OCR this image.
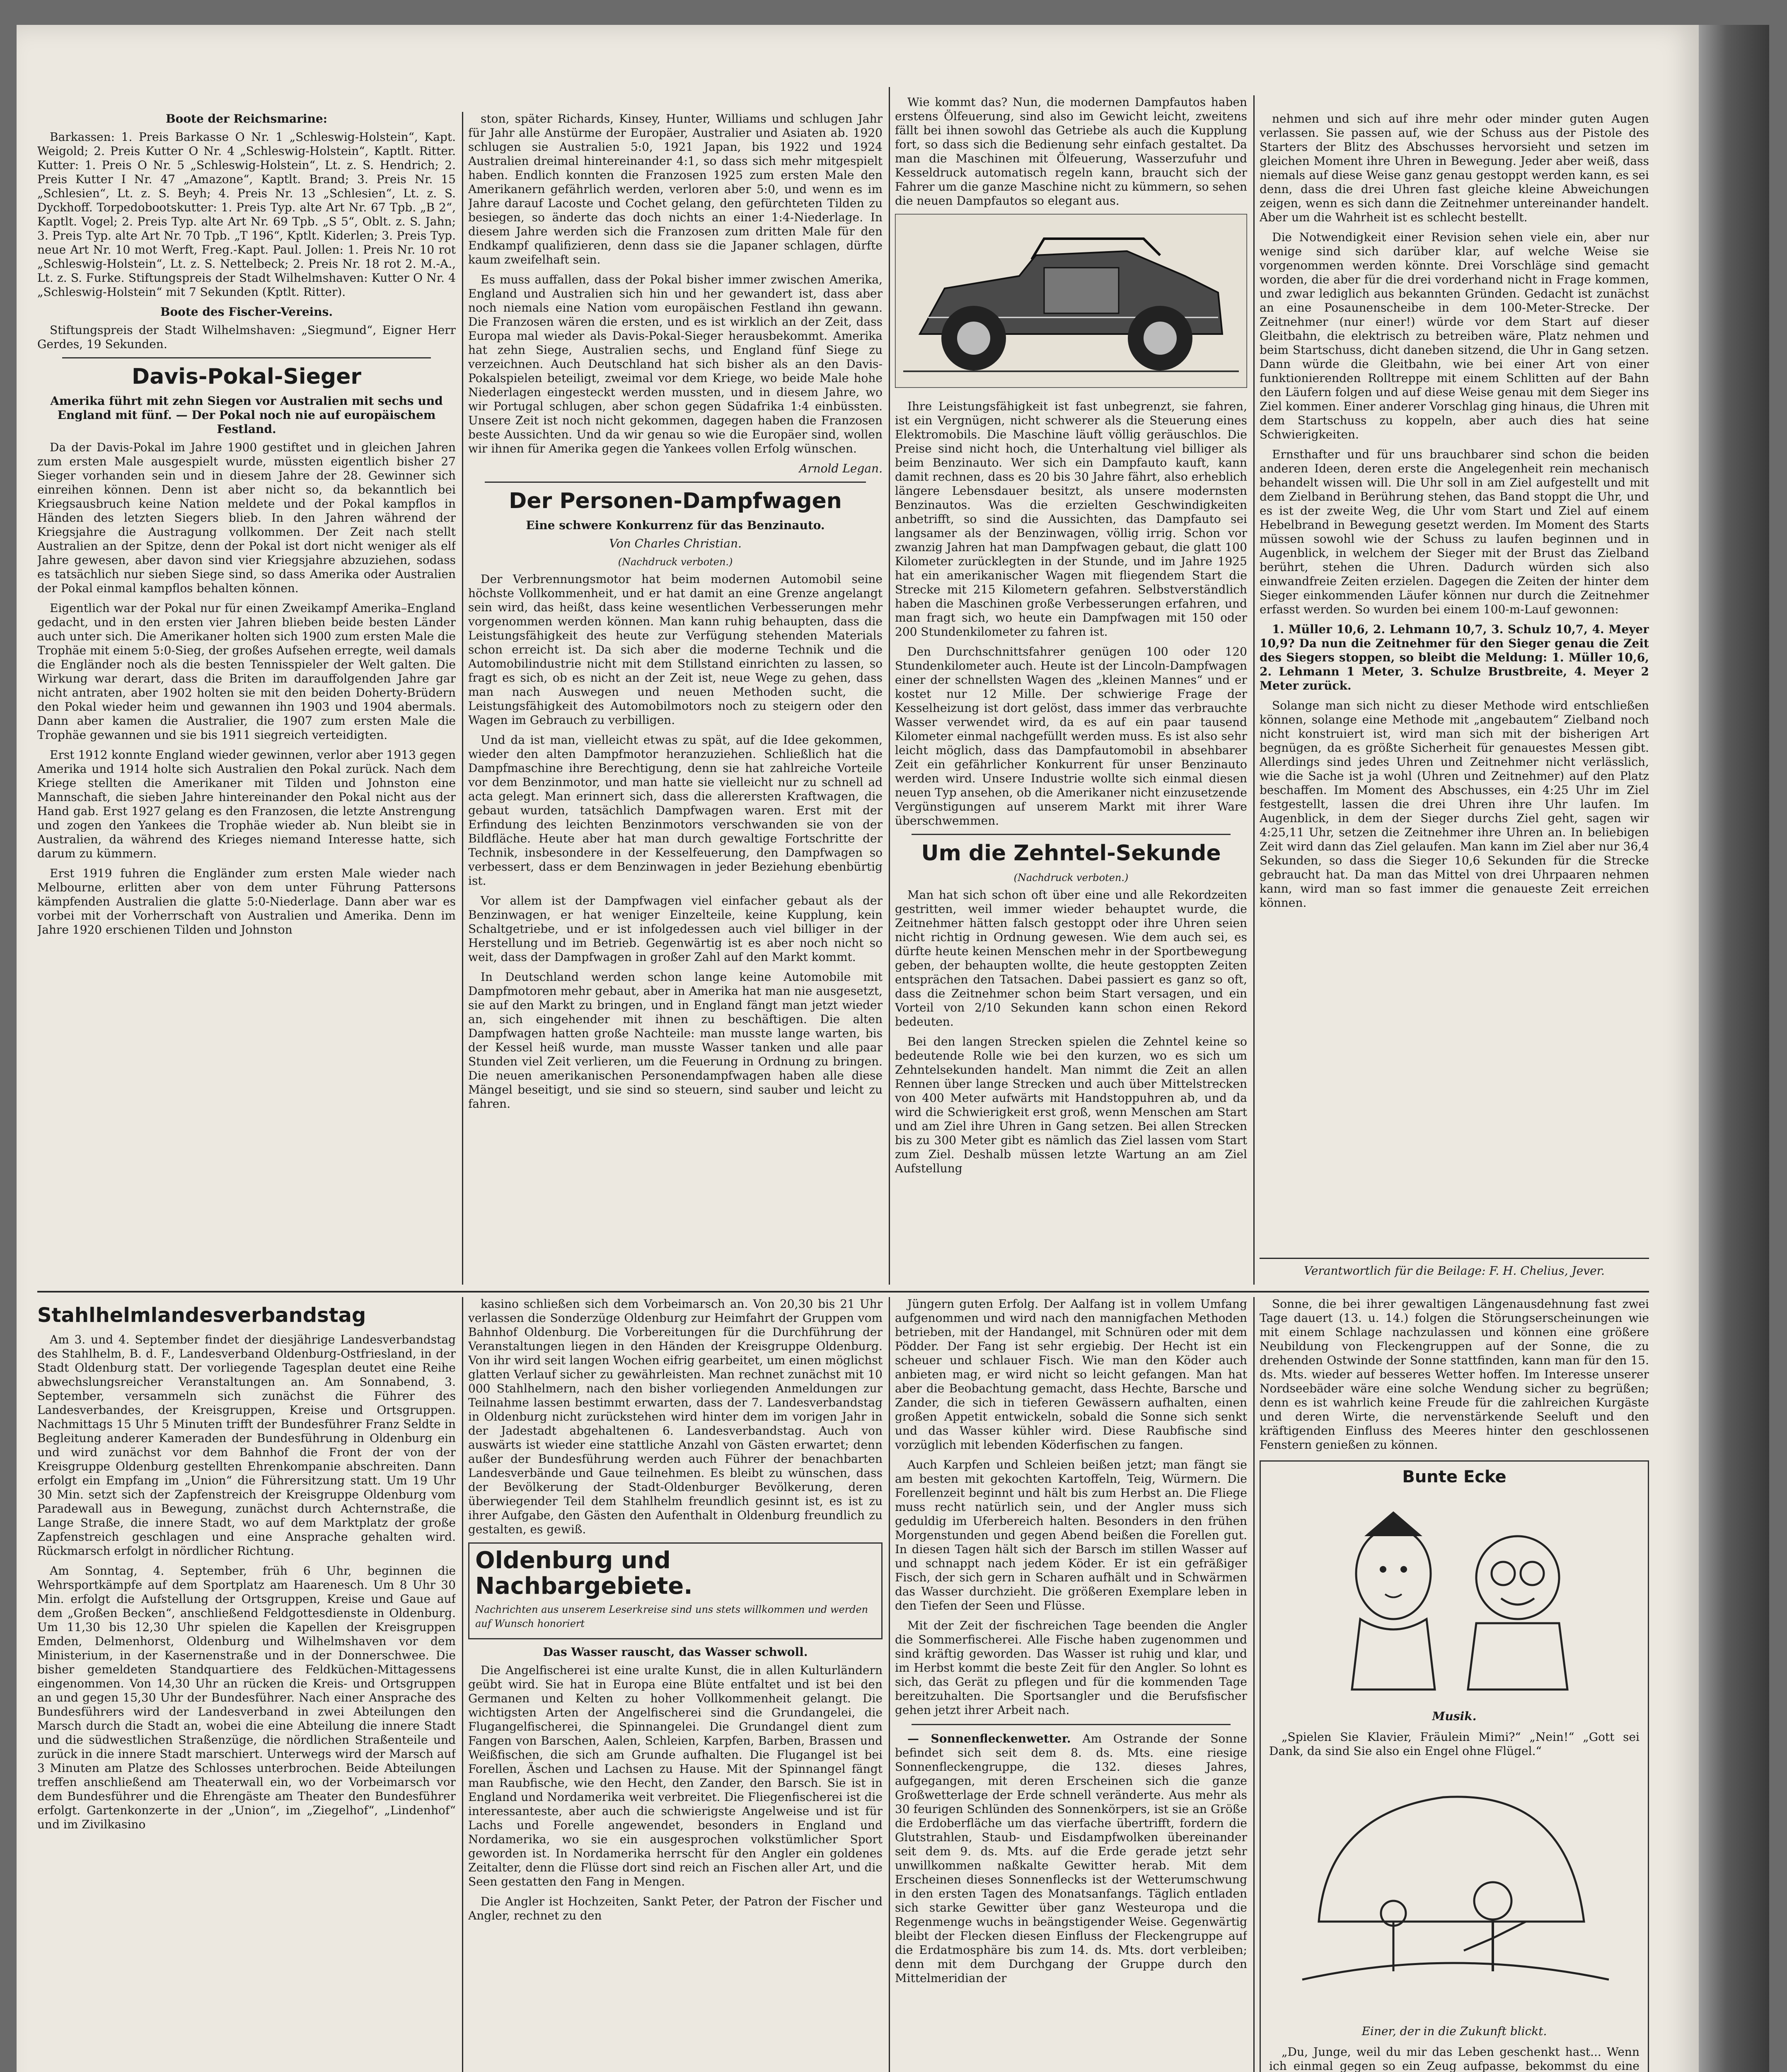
Boote der Reichsmarine:

Barkassen: 1. Preis Barkasse O Nr. 1 „Schleswig-Holstein“, Kapt. Weigold; 2. Preis Kutter O Nr. 4 „Schleswig-Holstein“, Kaptlt. Ritter. Kutter: 1. Preis O Nr. 5 „Schleswig-Holstein“, Lt. z. S. Hendrich; 2. Preis Kutter I Nr. 47 „Amazone“, Kaptlt. Brand; 3. Preis Nr. 15 „Schlesien“, Lt. z. S. Beyh; 4. Preis Nr. 13 „Schlesien“, Lt. z. S. Dyckhoff. Torpedobootskutter: 1. Preis Typ. alte Art Nr. 67 Tpb. „B 2“, Kaptlt. Vogel; 2. Preis Typ. alte Art Nr. 69 Tpb. „S 5“, Oblt. z. S. Jahn; 3. Preis Typ. alte Art Nr. 70 Tpb. „T 196“, Kptlt. Kiderlen; 3. Preis Typ. neue Art Nr. 10 mot Werft, Freg.-Kapt. Paul. Jollen: 1. Preis Nr. 10 rot „Schleswig-Holstein“, Lt. z. S. Nettelbeck; 2. Preis Nr. 18 rot 2. M.-A., Lt. z. S. Furke. Stiftungspreis der Stadt Wilhelmshaven: Kutter O Nr. 4 „Schleswig-Holstein“ mit 7 Sekunden (Kptlt. Ritter).

Boote des Fischer-Vereins.

Stiftungspreis der Stadt Wilhelmshaven: „Siegmund“, Eigner Herr Gerdes, 19 Sekunden.

Davis-Pokal-Sieger
Amerika führt mit zehn Siegen vor Australien mit sechs und England mit fünf. — Der Pokal noch nie auf europäischem Festland.

Da der Davis-Pokal im Jahre 1900 gestiftet und in gleichen Jahren zum ersten Male ausgespielt wurde, müssten eigentlich bisher 27 Sieger vorhanden sein und in diesem Jahre der 28. Gewinner sich einreihen können. Denn ist aber nicht so, da bekanntlich bei Kriegsausbruch keine Nation meldete und der Pokal kampflos in Händen des letzten Siegers blieb. In den Jahren während der Kriegsjahre die Austragung vollkommen. Der Zeit nach stellt Australien an der Spitze, denn der Pokal ist dort nicht weniger als elf Jahre gewesen, aber davon sind vier Kriegsjahre abzuziehen, sodass es tatsächlich nur sieben Siege sind, so dass Amerika oder Australien der Pokal einmal kampflos behalten können.

Eigentlich war der Pokal nur für einen Zweikampf Amerika–England gedacht, und in den ersten vier Jahren blieben beide besten Länder auch unter sich. Die Amerikaner holten sich 1900 zum ersten Male die Trophäe mit einem 5:0-Sieg, der großes Aufsehen erregte, weil damals die Engländer noch als die besten Tennisspieler der Welt galten. Die Wirkung war derart, dass die Briten im darauffolgenden Jahre gar nicht antraten, aber 1902 holten sie mit den beiden Doherty-Brüdern den Pokal wieder heim und gewannen ihn 1903 und 1904 abermals. Dann aber kamen die Australier, die 1907 zum ersten Male die Trophäe gewannen und sie bis 1911 siegreich verteidigten.

Erst 1912 konnte England wieder gewinnen, verlor aber 1913 gegen Amerika und 1914 holte sich Australien den Pokal zurück. Nach dem Kriege stellten die Amerikaner mit Tilden und Johnston eine Mannschaft, die sieben Jahre hintereinander den Pokal nicht aus der Hand gab. Erst 1927 gelang es den Franzosen, die letzte Anstrengung und zogen den Yankees die Trophäe wieder ab. Nun bleibt sie in Australien, da während des Krieges niemand Interesse hatte, sich darum zu kümmern.

Erst 1919 fuhren die Engländer zum ersten Male wieder nach Melbourne, erlitten aber von dem unter Führung Pattersons kämpfenden Australien die glatte 5:0-Niederlage. Dann aber war es vorbei mit der Vorherrschaft von Australien und Amerika. Denn im Jahre 1920 erschienen Tilden und Johnston

ston, später Richards, Kinsey, Hunter, Williams und schlugen Jahr für Jahr alle Anstürme der Europäer, Australier und Asiaten ab. 1920 schlugen sie Australien 5:0, 1921 Japan, bis 1922 und 1924 Australien dreimal hintereinander 4:1, so dass sich mehr mitgespielt haben. Endlich konnten die Franzosen 1925 zum ersten Male den Amerikanern gefährlich werden, verloren aber 5:0, und wenn es im Jahre darauf Lacoste und Cochet gelang, den gefürchteten Tilden zu besiegen, so änderte das doch nichts an einer 1:4-Niederlage. In diesem Jahre werden sich die Franzosen zum dritten Male für den Endkampf qualifizieren, denn dass sie die Japaner schlagen, dürfte kaum zweifelhaft sein.

Es muss auffallen, dass der Pokal bisher immer zwischen Amerika, England und Australien sich hin und her gewandert ist, dass aber noch niemals eine Nation vom europäischen Festland ihn gewann. Die Franzosen wären die ersten, und es ist wirklich an der Zeit, dass Europa mal wieder als Davis-Pokal-Sieger herausbekommt. Amerika hat zehn Siege, Australien sechs, und England fünf Siege zu verzeichnen. Auch Deutschland hat sich bisher als an den Davis-Pokalspielen beteiligt, zweimal vor dem Kriege, wo beide Male hohe Niederlagen eingesteckt werden mussten, und in diesem Jahre, wo wir Portugal schlugen, aber schon gegen Südafrika 1:4 einbüssten. Unsere Zeit ist noch nicht gekommen, dagegen haben die Franzosen beste Aussichten. Und da wir genau so wie die Europäer sind, wollen wir ihnen für Amerika gegen die Yankees vollen Erfolg wünschen.

Arnold Legan.
Der Personen-Dampfwagen
Eine schwere Konkurrenz für das Benzinauto.
Von Charles Christian.
(Nachdruck verboten.)

Der Verbrennungsmotor hat beim modernen Automobil seine höchste Vollkommenheit, und er hat damit an eine Grenze angelangt sein wird, das heißt, dass keine wesentlichen Verbesserungen mehr vorgenommen werden können. Man kann ruhig behaupten, dass die Leistungsfähigkeit des heute zur Verfügung stehenden Materials schon erreicht ist. Da sich aber die moderne Technik und die Automobilindustrie nicht mit dem Stillstand einrichten zu lassen, so fragt es sich, ob es nicht an der Zeit ist, neue Wege zu gehen, dass man nach Auswegen und neuen Methoden sucht, die Leistungsfähigkeit des Automobilmotors noch zu steigern oder den Wagen im Gebrauch zu verbilligen.

Und da ist man, vielleicht etwas zu spät, auf die Idee gekommen, wieder den alten Dampfmotor heranzuziehen. Schließlich hat die Dampfmaschine ihre Berechtigung, denn sie hat zahlreiche Vorteile vor dem Benzinmotor, und man hatte sie vielleicht nur zu schnell ad acta gelegt. Man erinnert sich, dass die allerersten Kraftwagen, die gebaut wurden, tatsächlich Dampfwagen waren. Erst mit der Erfindung des leichten Benzinmotors verschwanden sie von der Bildfläche. Heute aber hat man durch gewaltige Fortschritte der Technik, insbesondere in der Kesselfeuerung, den Dampfwagen so verbessert, dass er dem Benzinwagen in jeder Beziehung ebenbürtig ist.

Vor allem ist der Dampfwagen viel einfacher gebaut als der Benzinwagen, er hat weniger Einzelteile, keine Kupplung, kein Schaltgetriebe, und er ist infolgedessen auch viel billiger in der Herstellung und im Betrieb. Gegenwärtig ist es aber noch nicht so weit, dass der Dampfwagen in großer Zahl auf den Markt kommt.

In Deutschland werden schon lange keine Automobile mit Dampfmotoren mehr gebaut, aber in Amerika hat man nie ausgesetzt, sie auf den Markt zu bringen, und in England fängt man jetzt wieder an, sich eingehender mit ihnen zu beschäftigen. Die alten Dampfwagen hatten große Nachteile: man musste lange warten, bis der Kessel heiß wurde, man musste Wasser tanken und alle paar Stunden viel Zeit verlieren, um die Feuerung in Ordnung zu bringen. Die neuen amerikanischen Personendampfwagen haben alle diese Mängel beseitigt, und sie sind so steuern, sind sauber und leicht zu fahren.

Wie kommt das? Nun, die modernen Dampfautos haben erstens Ölfeuerung, sind also im Gewicht leicht, zweitens fällt bei ihnen sowohl das Getriebe als auch die Kupplung fort, so dass sich die Bedienung sehr einfach gestaltet. Da man die Maschinen mit Ölfeuerung, Wasserzufuhr und Kesseldruck automatisch regeln kann, braucht sich der Fahrer um die ganze Maschine nicht zu kümmern, so sehen die neuen Dampfautos so elegant aus.

Ihre Leistungsfähigkeit ist fast unbegrenzt, sie fahren, ist ein Vergnügen, nicht schwerer als die Steuerung eines Elektromobils. Die Maschine läuft völlig geräuschlos. Die Preise sind nicht hoch, die Unterhaltung viel billiger als beim Benzinauto. Wer sich ein Dampfauto kauft, kann damit rechnen, dass es 20 bis 30 Jahre fährt, also erheblich längere Lebensdauer besitzt, als unsere modernsten Benzinautos. Was die erzielten Geschwindigkeiten anbetrifft, so sind die Aussichten, das Dampfauto sei langsamer als der Benzinwagen, völlig irrig. Schon vor zwanzig Jahren hat man Dampfwagen gebaut, die glatt 100 Kilometer zurücklegten in der Stunde, und im Jahre 1925 hat ein amerikanischer Wagen mit fliegendem Start die Strecke mit 215 Kilometern gefahren. Selbstverständlich haben die Maschinen große Verbesserungen erfahren, und man fragt sich, wo heute ein Dampfwagen mit 150 oder 200 Stundenkilometer zu fahren ist.

Den Durchschnittsfahrer genügen 100 oder 120 Stundenkilometer auch. Heute ist der Lincoln-Dampfwagen einer der schnellsten Wagen des „kleinen Mannes“ und er kostet nur 12 Mille. Der schwierige Frage der Kesselheizung ist dort gelöst, dass immer das verbrauchte Wasser verwendet wird, da es auf ein paar tausend Kilometer einmal nachgefüllt werden muss. Es ist also sehr leicht möglich, dass das Dampfautomobil in absehbarer Zeit ein gefährlicher Konkurrent für unser Benzinauto werden wird. Unsere Industrie wollte sich einmal diesen neuen Typ ansehen, ob die Amerikaner nicht einzusetzende Vergünstigungen auf unserem Markt mit ihrer Ware überschwemmen.

Um die Zehntel-Sekunde
(Nachdruck verboten.)

Man hat sich schon oft über eine und alle Rekordzeiten gestritten, weil immer wieder behauptet wurde, die Zeitnehmer hätten falsch gestoppt oder ihre Uhren seien nicht richtig in Ordnung gewesen. Wie dem auch sei, es dürfte heute keinen Menschen mehr in der Sportbewegung geben, der behaupten wollte, die heute gestoppten Zeiten entsprächen den Tatsachen. Dabei passiert es ganz so oft, dass die Zeitnehmer schon beim Start versagen, und ein Vorteil von 2/10 Sekunden kann schon einen Rekord bedeuten.

Bei den langen Strecken spielen die Zehntel keine so bedeutende Rolle wie bei den kurzen, wo es sich um Zehntelsekunden handelt. Man nimmt die Zeit an allen Rennen über lange Strecken und auch über Mittelstrecken von 400 Meter aufwärts mit Handstoppuhren ab, und da wird die Schwierigkeit erst groß, wenn Menschen am Start und am Ziel ihre Uhren in Gang setzen. Bei allen Strecken bis zu 300 Meter gibt es nämlich das Ziel lassen vom Start zum Ziel. Deshalb müssen letzte Wartung an am Ziel Aufstellung

nehmen und sich auf ihre mehr oder minder guten Augen verlassen. Sie passen auf, wie der Schuss aus der Pistole des Starters der Blitz des Abschusses hervorsieht und setzen im gleichen Moment ihre Uhren in Bewegung. Jeder aber weiß, dass niemals auf diese Weise ganz genau gestoppt werden kann, es sei denn, dass die drei Uhren fast gleiche kleine Abweichungen zeigen, wenn es sich dann die Zeitnehmer untereinander handelt. Aber um die Wahrheit ist es schlecht bestellt.

Die Notwendigkeit einer Revision sehen viele ein, aber nur wenige sind sich darüber klar, auf welche Weise sie vorgenommen werden könnte. Drei Vorschläge sind gemacht worden, die aber für die drei vorderhand nicht in Frage kommen, und zwar lediglich aus bekannten Gründen. Gedacht ist zunächst an eine Posaunenscheibe in dem 100-Meter-Strecke. Der Zeitnehmer (nur einer!) würde vor dem Start auf dieser Gleitbahn, die elektrisch zu betreiben wäre, Platz nehmen und beim Startschuss, dicht daneben sitzend, die Uhr in Gang setzen. Dann würde die Gleitbahn, wie bei einer Art von einer funktionierenden Rolltreppe mit einem Schlitten auf der Bahn den Läufern folgen und auf diese Weise genau mit dem Sieger ins Ziel kommen. Einer anderer Vorschlag ging hinaus, die Uhren mit dem Startschuss zu koppeln, aber auch dies hat seine Schwierigkeiten.

Ernsthafter und für uns brauchbarer sind schon die beiden anderen Ideen, deren erste die Angelegenheit rein mechanisch behandelt wissen will. Die Uhr soll in am Ziel aufgestellt und mit dem Zielband in Berührung stehen, das Band stoppt die Uhr, und es ist der zweite Weg, die Uhr vom Start und Ziel auf einem Hebelbrand in Bewegung gesetzt werden. Im Moment des Starts müssen sowohl wie der Schuss zu laufen beginnen und in Augenblick, in welchem der Sieger mit der Brust das Zielband berührt, stehen die Uhren. Dadurch würden sich also einwandfreie Zeiten erzielen. Dagegen die Zeiten der hinter dem Sieger einkommenden Läufer können nur durch die Zeitnehmer erfasst werden. So wurden bei einem 100-m-Lauf gewonnen:

1. Müller 10,6, 2. Lehmann 10,7, 3. Schulz 10,7, 4. Meyer 10,9? Da nun die Zeitnehmer für den Sieger genau die Zeit des Siegers stoppen, so bleibt die Meldung: 1. Müller 10,6, 2. Lehmann 1 Meter, 3. Schulze Brustbreite, 4. Meyer 2 Meter zurück.

Solange man sich nicht zu dieser Methode wird entschließen können, solange eine Methode mit „angebautem“ Zielband noch nicht konstruiert ist, wird man sich mit der bisherigen Art begnügen, da es größte Sicherheit für genauestes Messen gibt. Allerdings sind jedes Uhren und Zeitnehmer nicht verlässlich, wie die Sache ist ja wohl (Uhren und Zeitnehmer) auf den Platz beschaffen. Im Moment des Abschusses, ein 4:25 Uhr im Ziel festgestellt, lassen die drei Uhren ihre Uhr laufen. Im Augenblick, in dem der Sieger durchs Ziel geht, sagen wir 4:25,11 Uhr, setzen die Zeitnehmer ihre Uhren an. In beliebigen Zeit wird dann das Ziel gelaufen. Man kann im Ziel aber nur 36,4 Sekunden, so dass die Sieger 10,6 Sekunden für die Strecke gebraucht hat. Da man das Mittel von drei Uhrpaaren nehmen kann, wird man so fast immer die genaueste Zeit erreichen können.

Verantwortlich für die Beilage: F. H. Chelius, Jever.
Stahlhelmlandesverbandstag

Am 3. und 4. September findet der diesjährige Landesverbandstag des Stahlhelm, B. d. F., Landesverband Oldenburg-Ostfriesland, in der Stadt Oldenburg statt. Der vorliegende Tagesplan deutet eine Reihe abwechslungsreicher Veranstaltungen an. Am Sonnabend, 3. September, versammeln sich zunächst die Führer des Landesverbandes, der Kreisgruppen, Kreise und Ortsgruppen. Nachmittags 15 Uhr 5 Minuten trifft der Bundesführer Franz Seldte in Begleitung anderer Kameraden der Bundesführung in Oldenburg ein und wird zunächst vor dem Bahnhof die Front der von der Kreisgruppe Oldenburg gestellten Ehrenkompanie abschreiten. Dann erfolgt ein Empfang im „Union“ die Führersitzung statt. Um 19 Uhr 30 Min. setzt sich der Zapfenstreich der Kreisgruppe Oldenburg vom Paradewall aus in Bewegung, zunächst durch Achternstraße, die Lange Straße, die innere Stadt, wo auf dem Marktplatz der große Zapfenstreich geschlagen und eine Ansprache gehalten wird. Rückmarsch erfolgt in nördlicher Richtung.

Am Sonntag, 4. September, früh 6 Uhr, beginnen die Wehrsportkämpfe auf dem Sportplatz am Haarenesch. Um 8 Uhr 30 Min. erfolgt die Aufstellung der Ortsgruppen, Kreise und Gaue auf dem „Großen Becken“, anschließend Feldgottesdienste in Oldenburg. Um 11,30 bis 12,30 Uhr spielen die Kapellen der Kreisgruppen Emden, Delmenhorst, Oldenburg und Wilhelmshaven vor dem Ministerium, in der Kasernenstraße und in der Donnerschwee. Die bisher gemeldeten Standquartiere des Feldküchen-Mittagessens eingenommen. Von 14,30 Uhr an rücken die Kreis- und Ortsgruppen an und gegen 15,30 Uhr der Bundesführer. Nach einer Ansprache des Bundesführers wird der Landesverband in zwei Abteilungen den Marsch durch die Stadt an, wobei die eine Abteilung die innere Stadt und die südwestlichen Straßenzüge, die nördlichen Straßenteile und zurück in die innere Stadt marschiert. Unterwegs wird der Marsch auf 3 Minuten am Platze des Schlosses unterbrochen. Beide Abteilungen treffen anschließend am Theaterwall ein, wo der Vorbeimarsch vor dem Bundesführer und die Ehrengäste am Theater den Bundesführer erfolgt. Gartenkonzerte in der „Union“, im „Ziegelhof“, „Lindenhof“ und im Zivilkasino

kasino schließen sich dem Vorbeimarsch an. Von 20,30 bis 21 Uhr verlassen die Sonderzüge Oldenburg zur Heimfahrt der Gruppen vom Bahnhof Oldenburg. Die Vorbereitungen für die Durchführung der Veranstaltungen liegen in den Händen der Kreisgruppe Oldenburg. Von ihr wird seit langen Wochen eifrig gearbeitet, um einen möglichst glatten Verlauf sicher zu gewährleisten. Man rechnet zunächst mit 10 000 Stahlhelmern, nach den bisher vorliegenden Anmeldungen zur Teilnahme lassen bestimmt erwarten, dass der 7. Landesverbandstag in Oldenburg nicht zurückstehen wird hinter dem im vorigen Jahr in der Jadestadt abgehaltenen 6. Landesverbandstag. Auch von auswärts ist wieder eine stattliche Anzahl von Gästen erwartet; denn außer der Bundesführung werden auch Führer der benachbarten Landesverbände und Gaue teilnehmen. Es bleibt zu wünschen, dass der Bevölkerung der Stadt-Oldenburger Bevölkerung, deren überwiegender Teil dem Stahlhelm freundlich gesinnt ist, es ist zu ihrer Aufgabe, den Gästen den Aufenthalt in Oldenburg freundlich zu gestalten, es gewiß.

Oldenburg und Nachbargebiete.
Nachrichten aus unserem Leserkreise sind uns stets willkommen und werden auf Wunsch honoriert
Das Wasser rauscht, das Wasser schwoll.

Die Angelfischerei ist eine uralte Kunst, die in allen Kulturländern geübt wird. Sie hat in Europa eine Blüte entfaltet und ist bei den Germanen und Kelten zu hoher Vollkommenheit gelangt. Die wichtigsten Arten der Angelfischerei sind die Grundangelei, die Flugangelfischerei, die Spinnangelei. Die Grundangel dient zum Fangen von Barschen, Aalen, Schleien, Karpfen, Barben, Brassen und Weißfischen, die sich am Grunde aufhalten. Die Flugangel ist bei Forellen, Äschen und Lachsen zu Hause. Mit der Spinnangel fängt man Raubfische, wie den Hecht, den Zander, den Barsch. Sie ist in England und Nordamerika weit verbreitet. Die Fliegenfischerei ist die interessanteste, aber auch die schwierigste Angelweise und ist für Lachs und Forelle angewendet, besonders in England und Nordamerika, wo sie ein ausgesprochen volkstümlicher Sport geworden ist. In Nordamerika herrscht für den Angler ein goldenes Zeitalter, denn die Flüsse dort sind reich an Fischen aller Art, und die Seen gestatten den Fang in Mengen.

Die Angler ist Hochzeiten, Sankt Peter, der Patron der Fischer und Angler, rechnet zu den

Jüngern guten Erfolg. Der Aalfang ist in vollem Umfang aufgenommen und wird nach den mannigfachen Methoden betrieben, mit der Handangel, mit Schnüren oder mit dem Pödder. Der Fang ist sehr ergiebig. Der Hecht ist ein scheuer und schlauer Fisch. Wie man den Köder auch anbieten mag, er wird nicht so leicht gefangen. Man hat aber die Beobachtung gemacht, dass Hechte, Barsche und Zander, die sich in tieferen Gewässern aufhalten, einen großen Appetit entwickeln, sobald die Sonne sich senkt und das Wasser kühler wird. Diese Raubfische sind vorzüglich mit lebenden Köderfischen zu fangen.

Auch Karpfen und Schleien beißen jetzt; man fängt sie am besten mit gekochten Kartoffeln, Teig, Würmern. Die Forellenzeit beginnt und hält bis zum Herbst an. Die Fliege muss recht natürlich sein, und der Angler muss sich geduldig im Uferbereich halten. Besonders in den frühen Morgenstunden und gegen Abend beißen die Forellen gut. In diesen Tagen hält sich der Barsch im stillen Wasser auf und schnappt nach jedem Köder. Er ist ein gefräßiger Fisch, der sich gern in Scharen aufhält und in Schwärmen das Wasser durchzieht. Die größeren Exemplare leben in den Tiefen der Seen und Flüsse.

Mit der Zeit der fischreichen Tage beenden die Angler die Sommerfischerei. Alle Fische haben zugenommen und sind kräftig geworden. Das Wasser ist ruhig und klar, und im Herbst kommt die beste Zeit für den Angler. So lohnt es sich, das Gerät zu pflegen und für die kommenden Tage bereitzuhalten. Die Sportsangler und die Berufsfischer gehen jetzt ihrer Arbeit nach.

— Sonnenfleckenwetter. Am Ostrande der Sonne befindet sich seit dem 8. ds. Mts. eine riesige Sonnenfleckengruppe, die 132. dieses Jahres, aufgegangen, mit deren Erscheinen sich die ganze Großwetterlage der Erde schnell veränderte. Aus mehr als 30 feurigen Schlünden des Sonnenkörpers, ist sie an Größe die Erdoberfläche um das vierfache übertrifft, fordern die Glutstrahlen, Staub- und Eisdampfwolken übereinander seit dem 9. ds. Mts. auf die Erde gerade jetzt sehr unwillkommen naßkalte Gewitter herab. Mit dem Erscheinen dieses Sonnenflecks ist der Wetterumschwung in den ersten Tagen des Monatsanfangs. Täglich entladen sich starke Gewitter über ganz Westeuropa und die Regenmenge wuchs in beängstigender Weise. Gegenwärtig bleibt der Flecken diesen Einfluss der Fleckengruppe auf die Erdatmosphäre bis zum 14. ds. Mts. dort verbleiben; denn mit dem Durchgang der Gruppe durch den Mittelmeridian der

Sonne, die bei ihrer gewaltigen Längenausdehnung fast zwei Tage dauert (13. u. 14.) folgen die Störungserscheinungen wie mit einem Schlage nachzulassen und können eine größere Neubildung von Fleckengruppen auf der Sonne, die zu drehenden Ostwinde der Sonne stattfinden, kann man für den 15. ds. Mts. wieder auf besseres Wetter hoffen. Im Interesse unserer Nordseebäder wäre eine solche Wendung sicher zu begrüßen; denn es ist wahrlich keine Freude für die zahlreichen Kurgäste und deren Wirte, die nervenstärkende Seeluft und den kräftigenden Einfluss des Meeres hinter den geschlossenen Fenstern genießen zu können.

Bunte Ecke
Musik.

„Spielen Sie Klavier, Fräulein Mimi?“ „Nein!“ „Gott sei Dank, da sind Sie also ein Engel ohne Flügel.“

Einer, der in die Zukunft blickt.

„Du, Junge, weil du mir das Leben geschenkt hast... Wenn ich einmal gegen so ein Zeug aufpasse, bekommst du eine
